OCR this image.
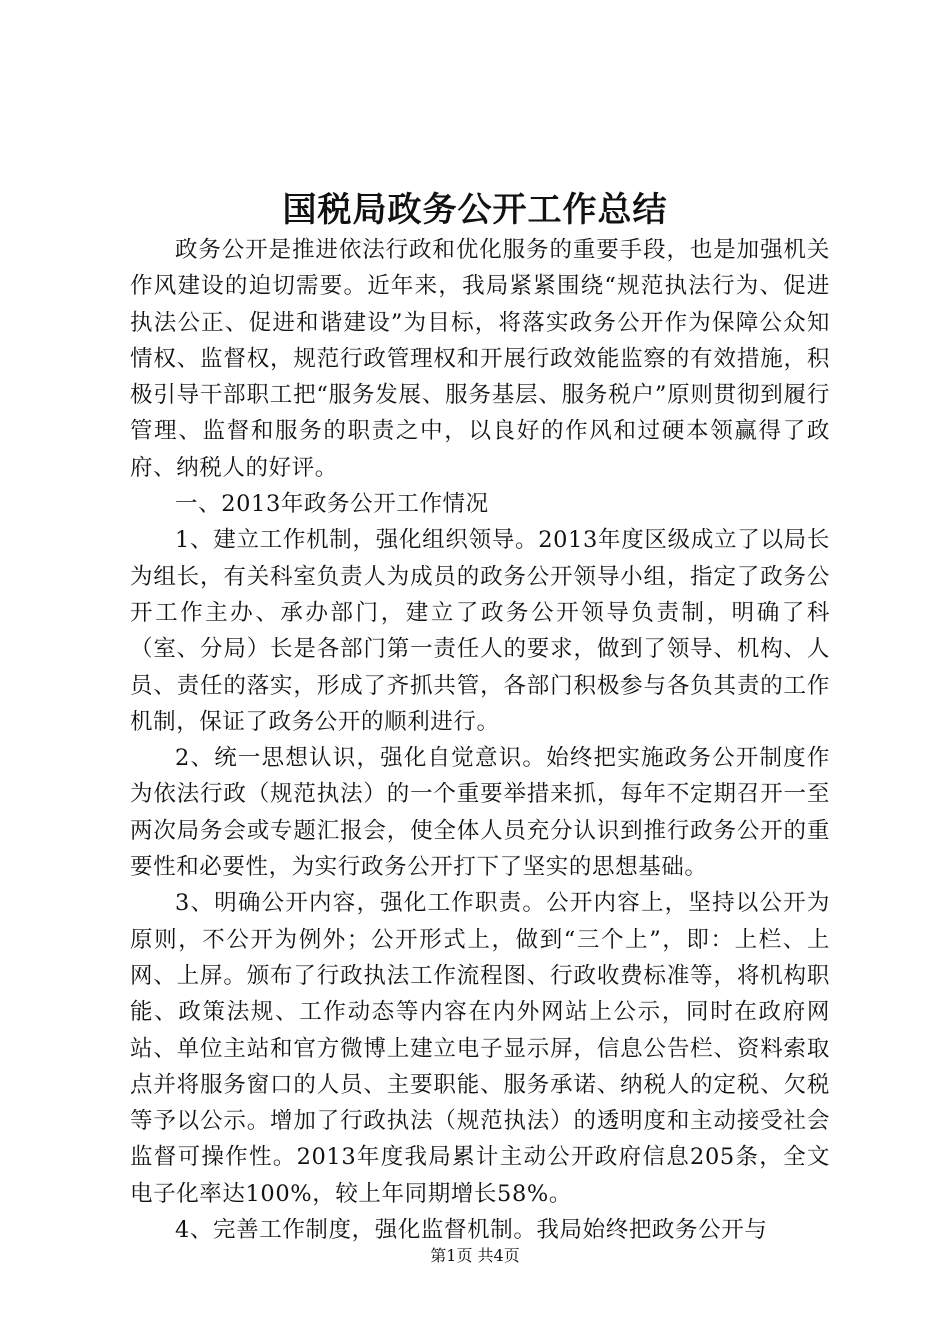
国税局政务公开工作总结

政务公开是推进依法行政和优化服务的重要手段，也是加强机关作风建设的迫切需要。近年来，我局紧紧围绕“规范执法行为、促进执法公正、促进和谐建设”为目标，将落实政务公开作为保障公众知情权、监督权，规范行政管理权和开展行政效能监察的有效措施，积极引导干部职工把“服务发展、服务基层、服务税户”原则贯彻到履行管理、监督和服务的职责之中，以良好的作风和过硬本领赢得了政府、纳税人的好评。

一、2013年政务公开工作情况

1、建立工作机制，强化组织领导。2013年度区级成立了以局长为组长，有关科室负责人为成员的政务公开领导小组，指定了政务公开工作主办、承办部门，建立了政务公开领导负责制，明确了科（室、分局）长是各部门第一责任人的要求，做到了领导、机构、人员、责任的落实，形成了齐抓共管，各部门积极参与各负其责的工作机制，保证了政务公开的顺利进行。

2、统一思想认识，强化自觉意识。始终把实施政务公开制度作为依法行政（规范执法）的一个重要举措来抓，每年不定期召开一至两次局务会或专题汇报会，使全体人员充分认识到推行政务公开的重要性和必要性，为实行政务公开打下了坚实的思想基础。

3、明确公开内容，强化工作职责。公开内容上，坚持以公开为原则，不公开为例外；公开形式上，做到“三个上”，即：上栏、上网、上屏。颁布了行政执法工作流程图、行政收费标准等，将机构职能、政策法规、工作动态等内容在内外网站上公示，同时在政府网站、单位主站和官方微博上建立电子显示屏，信息公告栏、资料索取点并将服务窗口的人员、主要职能、服务承诺、纳税人的定税、欠税等予以公示。增加了行政执法（规范执法）的透明度和主动接受社会监督可操作性。2013年度我局累计主动公开政府信息205条，全文电子化率达100%，较上年同期增长58%。

4、完善工作制度，强化监督机制。我局始终把政务公开与

第1页 共4页
